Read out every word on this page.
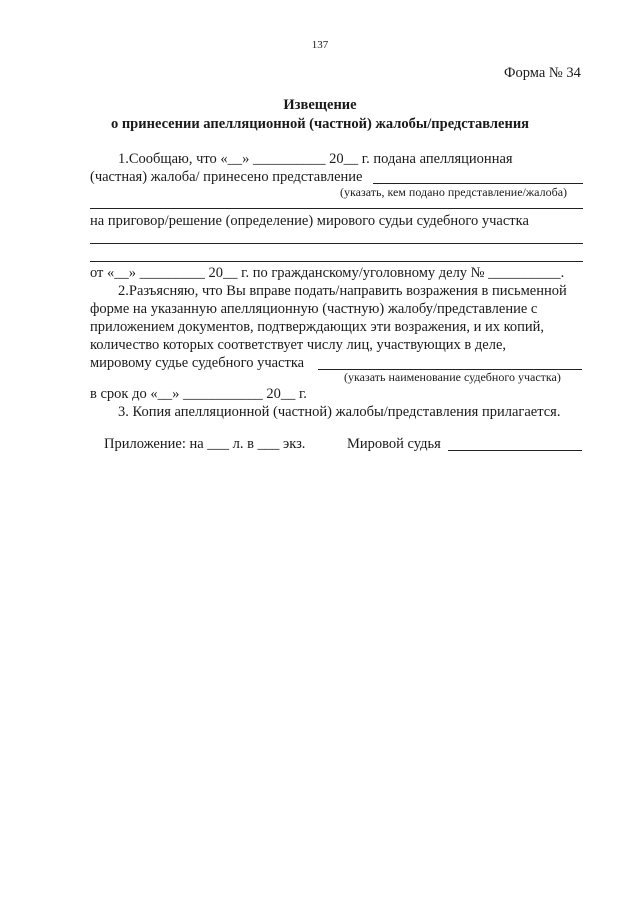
137
Форма № 34
Извещение
о принесении апелляционной (частной) жалобы/представления
1.Сообщаю, что «__» __________ 20__ г. подана апелляционная
(частная) жалоба/ принесено представление
(указать, кем подано представление/жалоба)
на приговор/решение (определение) мирового судьи судебного участка
от «__» _________ 20__ г. по гражданскому/уголовному делу № __________.
2.Разъясняю, что Вы вправе подать/направить возражения в письменной
форме на указанную апелляционную (частную) жалобу/представление с
приложением документов, подтверждающих эти возражения, и их копий,
количество которых соответствует числу лиц, участвующих в деле,
мировому судье судебного участка
(указать наименование судебного участка)
в срок до «__» ___________ 20__ г.
3. Копия апелляционной (частной) жалобы/представления прилагается.
Приложение: на ___ л. в ___ экз.	Мировой судья
